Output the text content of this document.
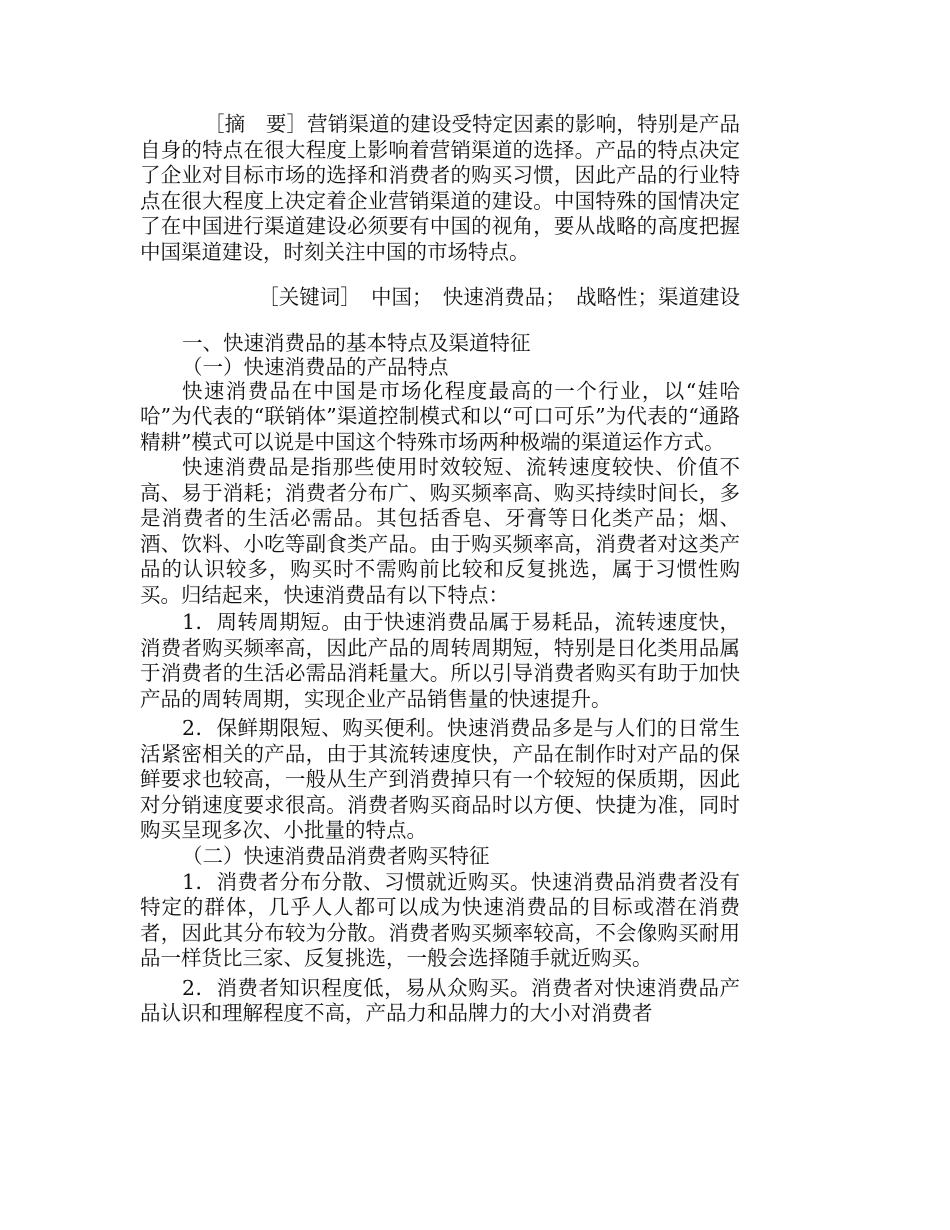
［摘　要］营销渠道的建设受特定因素的影响，特别是产品自身的特点在很大程度上影响着营销渠道的选择。产品的特点决定了企业对目标市场的选择和消费者的购买习惯，因此产品的行业特点在很大程度上决定着企业营销渠道的建设。中国特殊的国情决定了在中国进行渠道建设必须要有中国的视角，要从战略的高度把握中国渠道建设，时刻关注中国的市场特点。

［关键词］　中国；　快速消费品；　战略性；渠道建设

一、快速消费品的基本特点及渠道特征

（一）快速消费品的产品特点

快速消费品在中国是市场化程度最高的一个行业，以“娃哈哈”为代表的“联销体”渠道控制模式和以“可口可乐”为代表的“通路精耕”模式可以说是中国这个特殊市场两种极端的渠道运作方式。

快速消费品是指那些使用时效较短、流转速度较快、价值不高、易于消耗；消费者分布广、购买频率高、购买持续时间长，多是消费者的生活必需品。其包括香皂、牙膏等日化类产品；烟、酒、饮料、小吃等副食类产品。由于购买频率高，消费者对这类产品的认识较多，购买时不需购前比较和反复挑选，属于习惯性购买。归结起来，快速消费品有以下特点：

1．周转周期短。由于快速消费品属于易耗品，流转速度快，消费者购买频率高，因此产品的周转周期短，特别是日化类用品属于消费者的生活必需品消耗量大。所以引导消费者购买有助于加快产品的周转周期，实现企业产品销售量的快速提升。

2．保鲜期限短、购买便利。快速消费品多是与人们的日常生活紧密相关的产品，由于其流转速度快，产品在制作时对产品的保鲜要求也较高，一般从生产到消费掉只有一个较短的保质期，因此对分销速度要求很高。消费者购买商品时以方便、快捷为准，同时购买呈现多次、小批量的特点。

（二）快速消费品消费者购买特征

1．消费者分布分散、习惯就近购买。快速消费品消费者没有特定的群体，几乎人人都可以成为快速消费品的目标或潜在消费者，因此其分布较为分散。消费者购买频率较高，不会像购买耐用品一样货比三家、反复挑选，一般会选择随手就近购买。

2．消费者知识程度低，易从众购买。消费者对快速消费品产品认识和理解程度不高，产品力和品牌力的大小对消费者
